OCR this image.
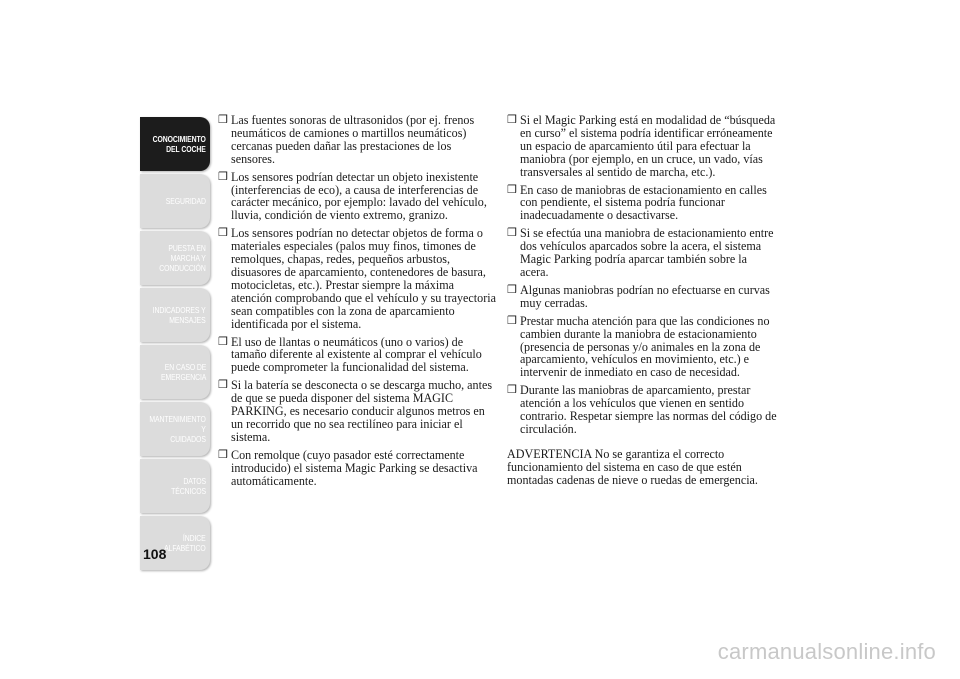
CONOCIMIENTO
DEL COCHE
SEGURIDAD
PUESTA EN
MARCHA Y
CONDUCCIÓN
INDICADORES Y
MENSAJES
EN CASO DE
EMERGENCIA
MANTENIMIENTO Y
CUIDADOS
DATOS TÉCNICOS
ÍNDICE
ALFABÉTICO
108
❒ Las fuentes sonoras de ultrasonidos (por ej. frenos neumáticos de camiones o martillos neumáticos) cercanas pueden dañar las prestaciones de los sensores.
❒ Los sensores podrían detectar un objeto inexistente (interferencias de eco), a causa de interferencias de carácter mecánico, por ejemplo: lavado del vehículo, lluvia, condición de viento extremo, granizo.
❒ Los sensores podrían no detectar objetos de forma o materiales especiales (palos muy finos, timones de remolques, chapas, redes, pequeños arbustos, disuasores de aparcamiento, contenedores de basura, motocicletas, etc.). Prestar siempre la máxima atención comprobando que el vehículo y su trayectoria sean compatibles con la zona de aparcamiento identificada por el sistema.
❒ El uso de llantas o neumáticos (uno o varios) de tamaño diferente al existente al comprar el vehículo puede comprometer la funcionalidad del sistema.
❒ Si la batería se desconecta o se descarga mucho, antes de que se pueda disponer del sistema MAGIC PARKING, es necesario conducir algunos metros en un recorrido que no sea rectilíneo para iniciar el sistema.
❒ Con remolque (cuyo pasador esté correctamente introducido) el sistema Magic Parking se desactiva automáticamente.
❒ Si el Magic Parking está en modalidad de “búsqueda en curso” el sistema podría identificar erróneamente un espacio de aparcamiento útil para efectuar la maniobra (por ejemplo, en un cruce, un vado, vías transversales al sentido de marcha, etc.).
❒ En caso de maniobras de estacionamiento en calles con pendiente, el sistema podría funcionar inadecuadamente o desactivarse.
❒ Si se efectúa una maniobra de estacionamiento entre dos vehículos aparcados sobre la acera, el sistema Magic Parking podría aparcar también sobre la acera.
❒ Algunas maniobras podrían no efectuarse en curvas muy cerradas.
❒ Prestar mucha atención para que las condiciones no cambien durante la maniobra de estacionamiento (presencia de personas y/o animales en la zona de aparcamiento, vehículos en movimiento, etc.) e intervenir de inmediato en caso de necesidad.
❒ Durante las maniobras de aparcamiento, prestar atención a los vehículos que vienen en sentido contrario. Respetar siempre las normas del código de circulación.
ADVERTENCIA No se garantiza el correcto funcionamiento del sistema en caso de que estén montadas cadenas de nieve o ruedas de emergencia.
carmanualsonline.info
